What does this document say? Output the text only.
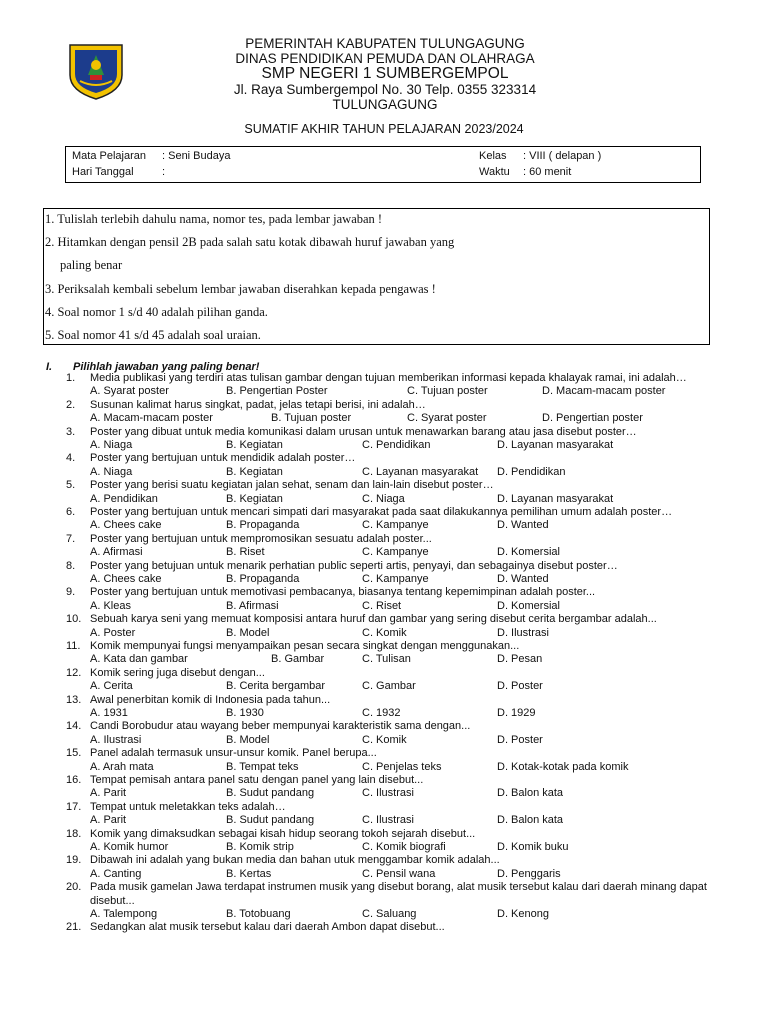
PEMERINTAH KABUPATEN TULUNGAGUNG
DINAS PENDIDIKAN PEMUDA DAN OLAHRAGA
SMP NEGERI 1 SUMBERGEMPOL
Jl. Raya Sumbergempol No. 30 Telp. 0355 323314
TULUNGAGUNG
SUMATIF AKHIR TAHUN PELAJARAN 2023/2024
Mata Pelajaran : Seni Budaya
Hari Tanggal	:
Kelas : VIII ( delapan )
Waktu : 60 menit
1. Tulislah terlebih dahulu nama, nomor tes, pada lembar jawaban !
2. Hitamkan dengan pensil 2B pada salah satu kotak dibawah huruf jawaban yang
paling benar
3. Periksalah kembali sebelum lembar jawaban diserahkan kepada pengawas !
4. Soal nomor 1 s/d 40 adalah pilihan ganda.
5. Soal nomor 41 s/d 45 adalah soal uraian.
I. Pilihlah jawaban yang paling benar!
1. Media publikasi yang terdiri atas tulisan gambar dengan tujuan memberikan informasi kepada khalayak ramai, ini adalah…
A. Syarat poster	B. Pengertian Poster	C. Tujuan poster	D. Macam-macam poster
2. Susunan kalimat harus singkat, padat, jelas tetapi berisi, ini adalah…
A. Macam-macam poster	B. Tujuan poster	C. Syarat poster	D. Pengertian poster
3. Poster yang dibuat untuk media komunikasi dalam urusan untuk menawarkan barang atau jasa disebut poster…
A. Niaga	B. Kegiatan	C. Pendidikan	D. Layanan masyarakat
4. Poster yang bertujuan untuk mendidik adalah poster…
A. Niaga	B. Kegiatan	C. Layanan masyarakat D. Pendidikan
5. Poster yang berisi suatu kegiatan jalan sehat, senam dan lain-lain disebut poster…
A. Pendidikan	B. Kegiatan	C. Niaga	D. Layanan masyarakat
6. Poster yang bertujuan untuk mencari simpati dari masyarakat pada saat dilakukannya pemilihan umum adalah poster…
A. Chees cake	B. Propaganda	C. Kampanye	D. Wanted
7. Poster yang bertujuan untuk mempromosikan sesuatu adalah poster...
A. Afirmasi	B. Riset	C. Kampanye	D. Komersial
8. Poster yang betujuan untuk menarik perhatian public seperti artis, penyayi, dan sebagainya disebut poster…
A. Chees cake	B. Propaganda	C. Kampanye	D. Wanted
9. Poster yang bertujuan untuk memotivasi pembacanya, biasanya tentang kepemimpinan adalah poster...
A. Kleas	B. Afirmasi	C. Riset	D. Komersial
10. Sebuah karya seni yang memuat komposisi antara huruf dan gambar yang sering disebut cerita bergambar adalah...
A. Poster	B. Model	C. Komik	D. Ilustrasi
11. Komik mempunyai fungsi menyampaikan pesan secara singkat dengan menggunakan...
A. Kata dan gambar	B. Gambar	C. Tulisan	D. Pesan
12. Komik sering juga disebut dengan...
A. Cerita	B. Cerita bergambar	C. Gambar	D. Poster
13. Awal penerbitan komik di Indonesia pada tahun...
A. 1931	B. 1930	C. 1932	D. 1929
14. Candi Borobudur atau wayang beber mempunyai karakteristik sama dengan...
A. Ilustrasi	B. Model	C. Komik	D. Poster
15. Panel adalah termasuk unsur-unsur komik. Panel berupa...
A. Arah mata	B. Tempat teks	C. Penjelas teks	D. Kotak-kotak pada komik
16. Tempat pemisah antara panel satu dengan panel yang lain disebut...
A. Parit	B. Sudut pandang	C. Ilustrasi	D. Balon kata
17. Tempat untuk meletakkan teks adalah…
A. Parit	B. Sudut pandang	C. Ilustrasi	D. Balon kata
18. Komik yang dimaksudkan sebagai kisah hidup seorang tokoh sejarah disebut...
A. Komik humor	B. Komik strip	C. Komik biografi	D. Komik buku
19. Dibawah ini adalah yang bukan media dan bahan utuk menggambar komik adalah...
A. Canting	B. Kertas	C. Pensil wana	D. Penggaris
20. Pada musik gamelan Jawa terdapat instrumen musik yang disebut borang, alat musik tersebut kalau dari daerah minang dapat disebut...
A. Talempong	B. Totobuang	C. Saluang	D. Kenong
21. Sedangkan alat musik tersebut kalau dari daerah Ambon dapat disebut...
